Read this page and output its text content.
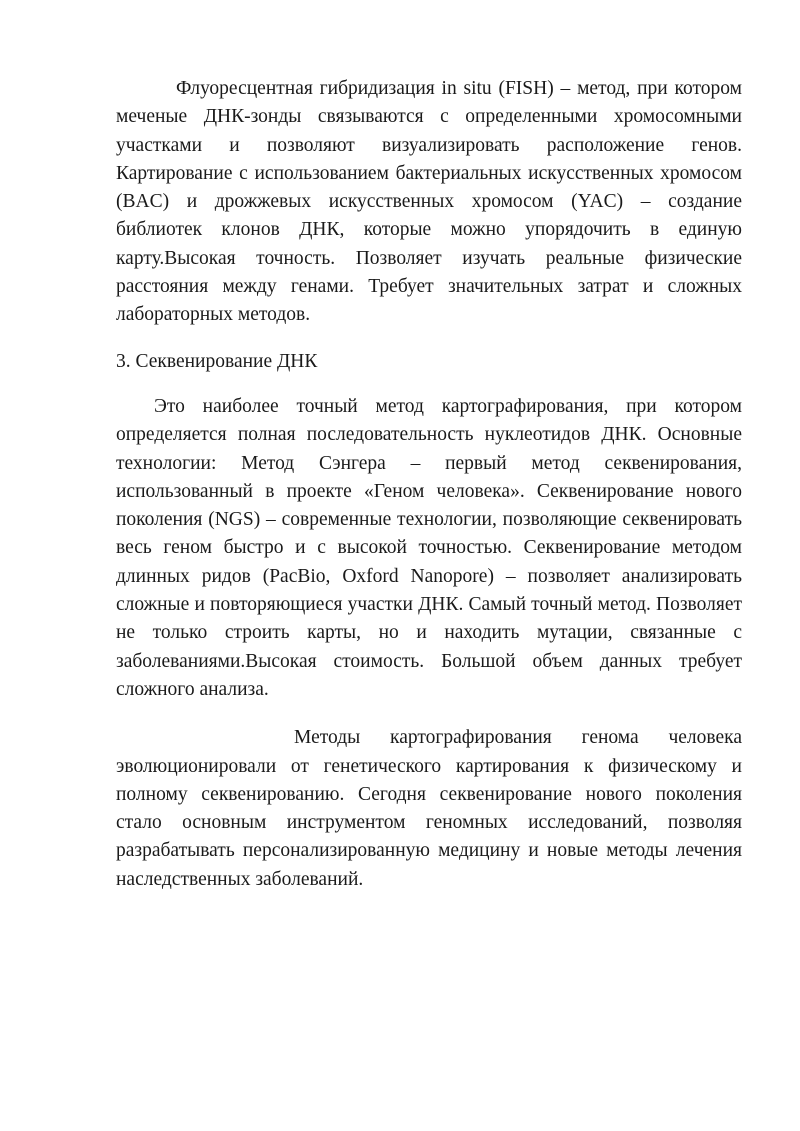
Флуоресцентная гибридизация in situ (FISH) – метод, при котором меченые ДНК-зонды связываются с определенными хромосомными участками и позволяют визуализировать расположение генов. Картирование с использованием бактериальных искусственных хромосом (BAC) и дрожжевых искусственных хромосом (YAC) – создание библиотек клонов ДНК, которые можно упорядочить в единую карту.Высокая точность. Позволяет изучать реальные физические расстояния между генами. Требует значительных затрат и сложных лабораторных методов.

3. Секвенирование ДНК

Это наиболее точный метод картографирования, при котором определяется полная последовательность нуклеотидов ДНК. Основные технологии: Метод Сэнгера – первый метод секвенирования, использованный в проекте «Геном человека». Секвенирование нового поколения (NGS) – современные технологии, позволяющие секвенировать весь геном быстро и с высокой точностью. Секвенирование методом длинных ридов (PacBio, Oxford Nanopore) – позволяет анализировать сложные и повторяющиеся участки ДНК. Самый точный метод. Позволяет не только строить карты, но и находить мутации, связанные с заболеваниями.Высокая стоимость. Большой объем данных требует сложного анализа.

Методы картографирования генома человека эволюционировали от генетического картирования к физическому и полному секвенированию. Сегодня секвенирование нового поколения стало основным инструментом геномных исследований, позволяя разрабатывать персонализированную медицину и новые методы лечения наследственных заболеваний.
